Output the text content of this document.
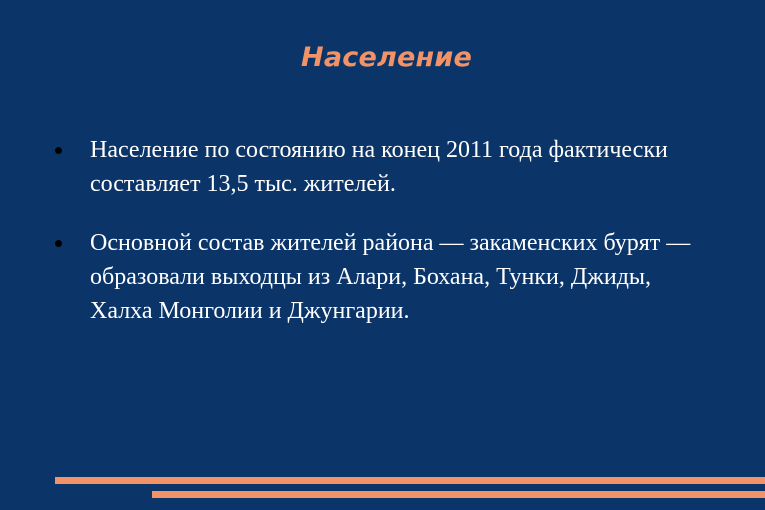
Население
Население по состоянию на конец 2011 года фактически составляет 13,5 тыс. жителей.
Основной состав жителей района — закаменских бурят — образовали выходцы из Алари, Бохана, Тунки, Джиды, Халха Монголии и Джунгарии.
